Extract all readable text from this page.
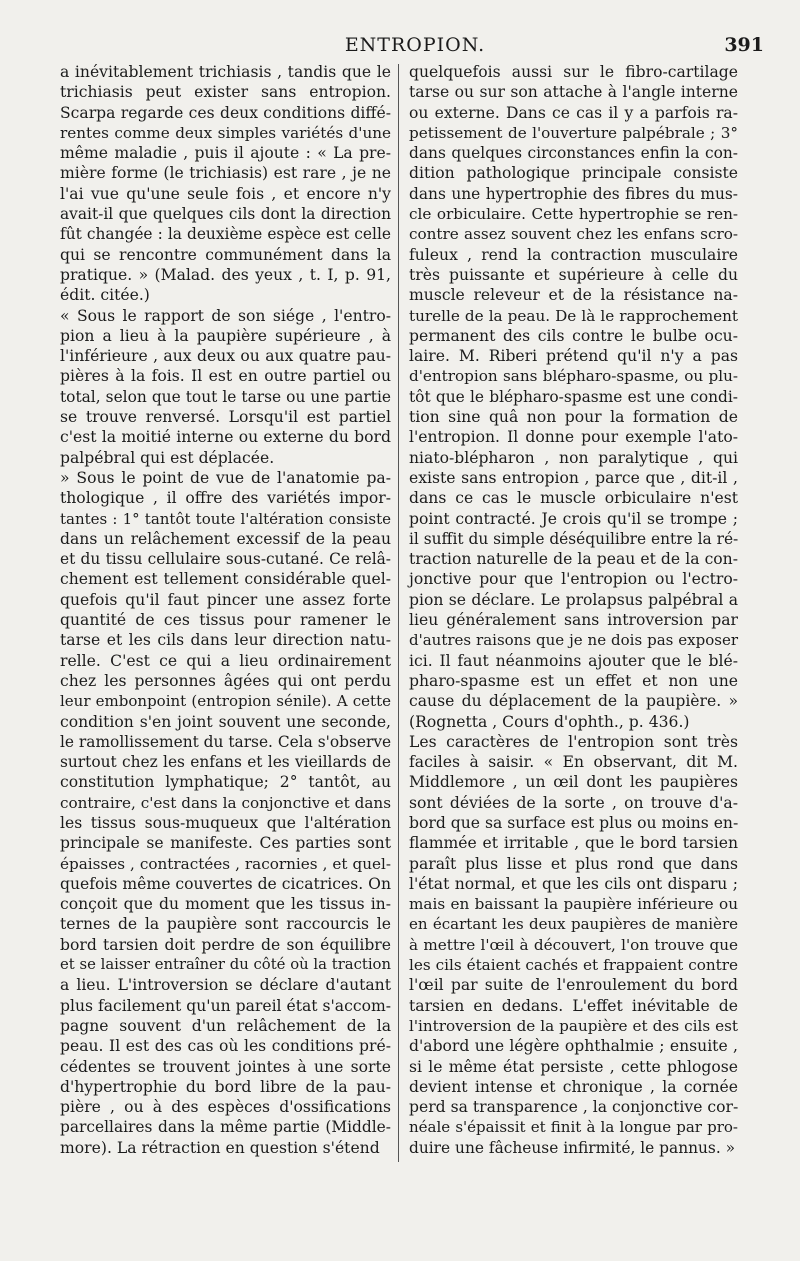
ENTROPION.	391
a inévitablement trichiasis , tandis que le
trichiasis peut exister sans entropion.
Scarpa regarde ces deux conditions diffé-
rentes comme deux simples variétés d'une
même maladie , puis il ajoute : « La pre-
mière forme (le trichiasis) est rare , je ne
l'ai vue qu'une seule fois , et encore n'y
avait-il que quelques cils dont la direction
fût changée : la deuxième espèce est celle
qui se rencontre communément dans la
pratique. » (Malad. des yeux , t. I, p. 91,
édit. citée.)
« Sous le rapport de son siége , l'entro-
pion a lieu à la paupière supérieure , à
l'inférieure , aux deux ou aux quatre pau-
pières à la fois. Il est en outre partiel ou
total, selon que tout le tarse ou une partie
se trouve renversé. Lorsqu'il est partiel
c'est la moitié interne ou externe du bord
palpébral qui est déplacée.
» Sous le point de vue de l'anatomie pa-
thologique , il offre des variétés impor-
tantes : 1° tantôt toute l'altération consiste
dans un relâchement excessif de la peau
et du tissu cellulaire sous-cutané. Ce relâ-
chement est tellement considérable quel-
quefois qu'il faut pincer une assez forte
quantité de ces tissus pour ramener le
tarse et les cils dans leur direction natu-
relle. C'est ce qui a lieu ordinairement
chez les personnes âgées qui ont perdu
leur embonpoint (entropion sénile). A cette
condition s'en joint souvent une seconde,
le ramollissement du tarse. Cela s'observe
surtout chez les enfans et les vieillards de
constitution lymphatique; 2° tantôt, au
contraire, c'est dans la conjonctive et dans
les tissus sous-muqueux que l'altération
principale se manifeste. Ces parties sont
épaisses , contractées , racornies , et quel-
quefois même couvertes de cicatrices. On
conçoit que du moment que les tissus in-
ternes de la paupière sont raccourcis le
bord tarsien doit perdre de son équilibre
et se laisser entraîner du côté où la traction
a lieu. L'introversion se déclare d'autant
plus facilement qu'un pareil état s'accom-
pagne souvent d'un relâchement de la
peau. Il est des cas où les conditions pré-
cédentes se trouvent jointes à une sorte
d'hypertrophie du bord libre de la pau-
pière , ou à des espèces d'ossifications
parcellaires dans la même partie (Middle-
more). La rétraction en question s'étend
quelquefois aussi sur le fibro-cartilage
tarse ou sur son attache à l'angle interne
ou externe. Dans ce cas il y a parfois ra-
petissement de l'ouverture palpébrale ; 3°
dans quelques circonstances enfin la con-
dition pathologique principale consiste
dans une hypertrophie des fibres du mus-
cle orbiculaire. Cette hypertrophie se ren-
contre assez souvent chez les enfans scro-
fuleux , rend la contraction musculaire
très puissante et supérieure à celle du
muscle releveur et de la résistance na-
turelle de la peau. De là le rapprochement
permanent des cils contre le bulbe ocu-
laire. M. Riberi prétend qu'il n'y a pas
d'entropion sans blépharo-spasme, ou plu-
tôt que le blépharo-spasme est une condi-
tion sine quâ non pour la formation de
l'entropion. Il donne pour exemple l'ato-
niato-blépharon , non paralytique , qui
existe sans entropion , parce que , dit-il ,
dans ce cas le muscle orbiculaire n'est
point contracté. Je crois qu'il se trompe ;
il suffit du simple déséquilibre entre la ré-
traction naturelle de la peau et de la con-
jonctive pour que l'entropion ou l'ectro-
pion se déclare. Le prolapsus palpébral a
lieu généralement sans introversion par
d'autres raisons que je ne dois pas exposer
ici. Il faut néanmoins ajouter que le blé-
pharo-spasme est un effet et non une
cause du déplacement de la paupière. »
(Rognetta , Cours d'ophth., p. 436.)
Les caractères de l'entropion sont très
faciles à saisir. « En observant, dit M.
Middlemore , un œil dont les paupières
sont déviées de la sorte , on trouve d'a-
bord que sa surface est plus ou moins en-
flammée et irritable , que le bord tarsien
paraît plus lisse et plus rond que dans
l'état normal, et que les cils ont disparu ;
mais en baissant la paupière inférieure ou
en écartant les deux paupières de manière
à mettre l'œil à découvert, l'on trouve que
les cils étaient cachés et frappaient contre
l'œil par suite de l'enroulement du bord
tarsien en dedans. L'effet inévitable de
l'introversion de la paupière et des cils est
d'abord une légère ophthalmie ; ensuite ,
si le même état persiste , cette phlogose
devient intense et chronique , la cornée
perd sa transparence , la conjonctive cor-
néale s'épaissit et finit à la longue par pro-
duire une fâcheuse infirmité, le pannus. »
